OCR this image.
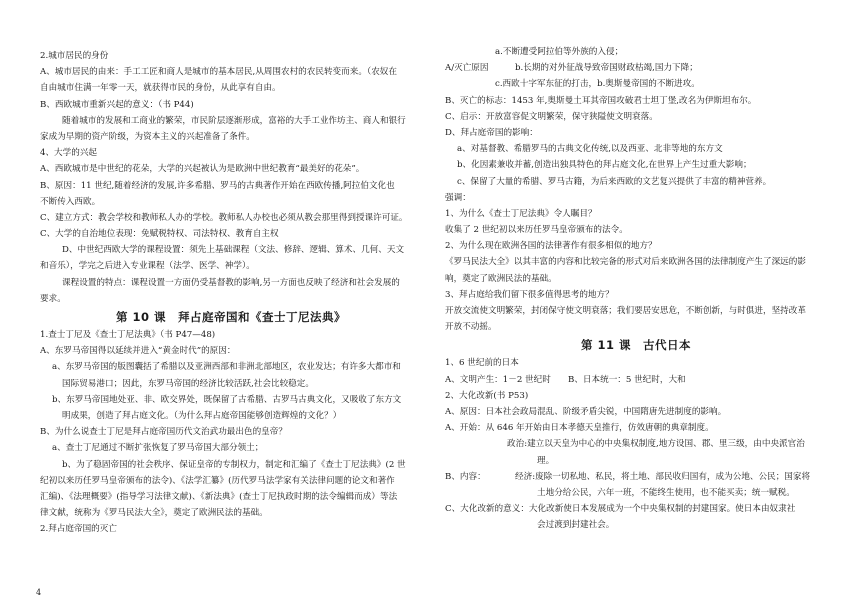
2.城市居民的身份
A、城市居民的由来：手工工匠和商人是城市的基本居民,从周围农村的农民转变而来。（农奴在
自由城市住满一年零一天，就获得市民的身份，从此享有自由。
B、西欧城市重新兴起的意义：（书 P44)
随着城市的发展和工商业的繁荣，市民阶层逐渐形成，富裕的大手工业作坊主、商人和银行
家成为早期的资产阶级，为资本主义的兴起准备了条件。
4、大学的兴起
A、西欧城市是中世纪的花朵，大学的兴起被认为是欧洲中世纪教育“最美好的花朵”。
B、原因：11 世纪,随着经济的发展,许多希腊、罗马的古典著作开始在西欧传播,阿拉伯文化也
不断传入西欧。
C、建立方式：教会学校和教师私人办的学校。教师私人办校也必须从教会那里得到授课许可证。
C、大学的自治地位表现：免赋税特权、司法特权、教育自主权
D、中世纪西欧大学的课程设置：须先上基础课程（文法、修辞、逻辑、算术、几何、天文
和音乐），学完之后进入专业课程（法学、医学、神学）。
课程设置的特点：课程设置一方面仍受基督教的影响,另一方面也反映了经济和社会发展的
要求。
第 10 课　拜占庭帝国和《查士丁尼法典》
1.查士丁尼及《查士丁尼法典》（书 P47—48)
A、东罗马帝国得以延续并进入“黄金时代”的原因：
a、东罗马帝国的版图囊括了希腊以及亚洲西部和非洲北部地区，农业发达；有许多大都市和
国际贸易港口；因此，东罗马帝国的经济比较活跃,社会比较稳定。
b、东罗马帝国地处亚、非、欧交界处，既保留了古希腊、古罗马古典文化，又吸收了东方文
明成果，创造了拜占庭文化。（为什么拜占庭帝国能够创造辉煌的文化？）
B、为什么说查士丁尼是拜占庭帝国历代文治武功最出色的皇帝？
a、查士丁尼通过不断扩张恢复了罗马帝国大部分领土；
b、为了稳固帝国的社会秩序、保证皇帝的专制权力，制定和汇编了《查士丁尼法典》(2 世
纪初以来历任罗马皇帝颁布的法令)、《法学汇纂》(历代罗马法学家有关法律问题的论文和著作
汇编)、《法理概要》(指导学习法律文献)、《新法典》(查士丁尼执政时期的法令编辑而成）等法
律文献，统称为《罗马民法大全》，奠定了欧洲民法的基础。
2.拜占庭帝国的灭亡
a.不断遭受阿拉伯等外族的入侵；
A/灭亡原因	b.长期的对外征战导致帝国财政枯竭,国力下降；
c.西欧十字军东征的打击，b.奥斯曼帝国的不断进攻。
B、灭亡的标志：1453 年,奥斯曼土耳其帝国攻破君士坦丁堡,改名为伊斯坦布尔。
C、启示：开放富容促文明繁荣，保守狭隘使文明衰落。
D、拜占庭帝国的影响：
a、对基督教、希腊罗马的古典文化传统,以及西亚、北非等地的东方文
b、化因素兼收并蓄,创造出独具特色的拜占庭文化,在世界上产生过重大影响；
c、保留了大量的希腊、罗马古籍，为后来西欧的文艺复兴提供了丰富的精神营养。
强调：
1、为什么《查士丁尼法典》令人瞩目？
收集了 2 世纪初以来历任罗马皇帝颁布的法令。
2、为什么现在欧洲各国的法律著作有很多相似的地方？
《罗马民法大全》以其丰富的内容和比较完备的形式对后来欧洲各国的法律制度产生了深远的影
响，奠定了欧洲民法的基础。
3、拜占庭给我们留下很多值得思考的地方？
开放交流使文明繁荣，封闭保守使文明衰落；我们要居安思危，不断创新，与时俱进，坚持改革
开放不动摇。
第 11 课　古代日本
1、6 世纪前的日本
A、文明产生：1－2 世纪时　　B、日本统一：5 世纪时，大和
2、大化改新(书 P53)
A、原因：日本社会政局混乱、阶级矛盾尖锐，中国隋唐先进制度的影响。
A、开始：从 646 年开始由日本孝德天皇推行，仿效唐朝的典章制度。
政治:建立以天皇为中心的中央集权制度,地方设国、郡、里三级，由中央派官治
理。
B、内容：	经济:废除一切私地、私民，将土地、部民收归国有，成为公地、公民；国家将
土地分给公民，六年一班，不能终生使用，也不能买卖；统一赋税。
C、大化改新的意义：大化改新使日本发展成为一个中央集权制的封建国家。使日本由奴隶社
会过渡到封建社会。
4
